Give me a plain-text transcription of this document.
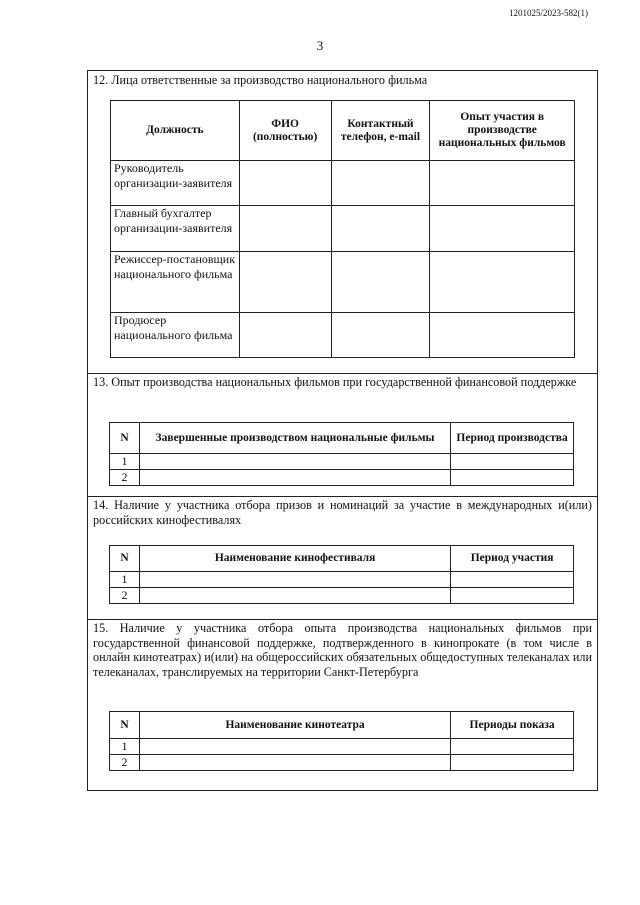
1201025/2023-582(1)
3
12. Лица ответственные за производство национального фильма
Должность	ФИО (полностью)	Контактный телефон, e-mail	Опыт участия в производстве национальных фильмов
Руководитель организации-заявителя			
Главный бухгалтер организации-заявителя			
Режиссер-постановщик национального фильма			
Продюсер национального фильма			
13. Опыт производства национальных фильмов при государственной финансовой поддержке
N	Завершенные производством национальные фильмы	Период производства
1		
2		
14. Наличие у участника отбора призов и номинаций за участие в международных и(или) российских кинофестивалях
N	Наименование кинофестиваля	Период участия
1		
2		
15. Наличие у участника отбора опыта производства национальных фильмов при государственной финансовой поддержке, подтвержденного в кинопрокате (в том числе в онлайн кинотеатрах) и(или) на общероссийских обязательных общедоступных телеканалах или телеканалах, транслируемых на территории Санкт-Петербурга
N	Наименование кинотеатра	Периоды показа
1		
2		
